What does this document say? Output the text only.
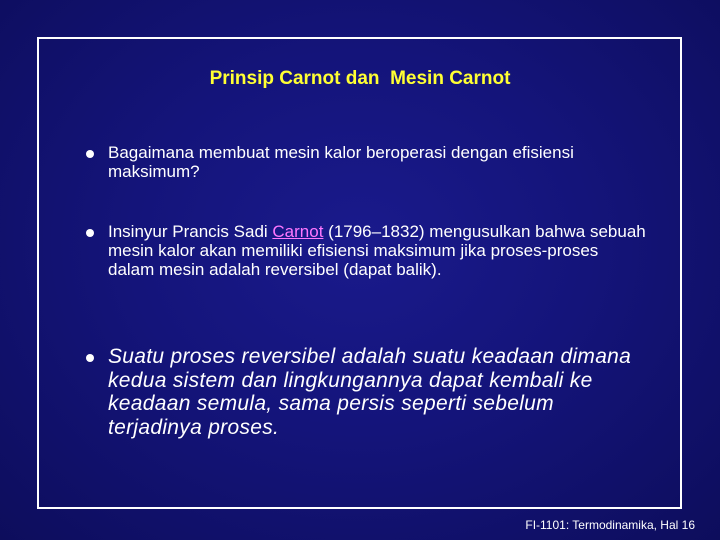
Prinsip Carnot dan  Mesin Carnot
Bagaimana membuat mesin kalor beroperasi dengan efisiensi maksimum?
Insinyur Prancis Sadi Carnot (1796–1832) mengusulkan bahwa sebuah mesin kalor akan memiliki efisiensi maksimum jika proses-proses dalam mesin adalah reversibel (dapat balik).
Suatu proses reversibel adalah suatu keadaan dimana kedua sistem dan lingkungannya dapat kembali ke keadaan semula, sama persis seperti sebelum terjadinya proses.
FI-1101: Termodinamika, Hal 16
